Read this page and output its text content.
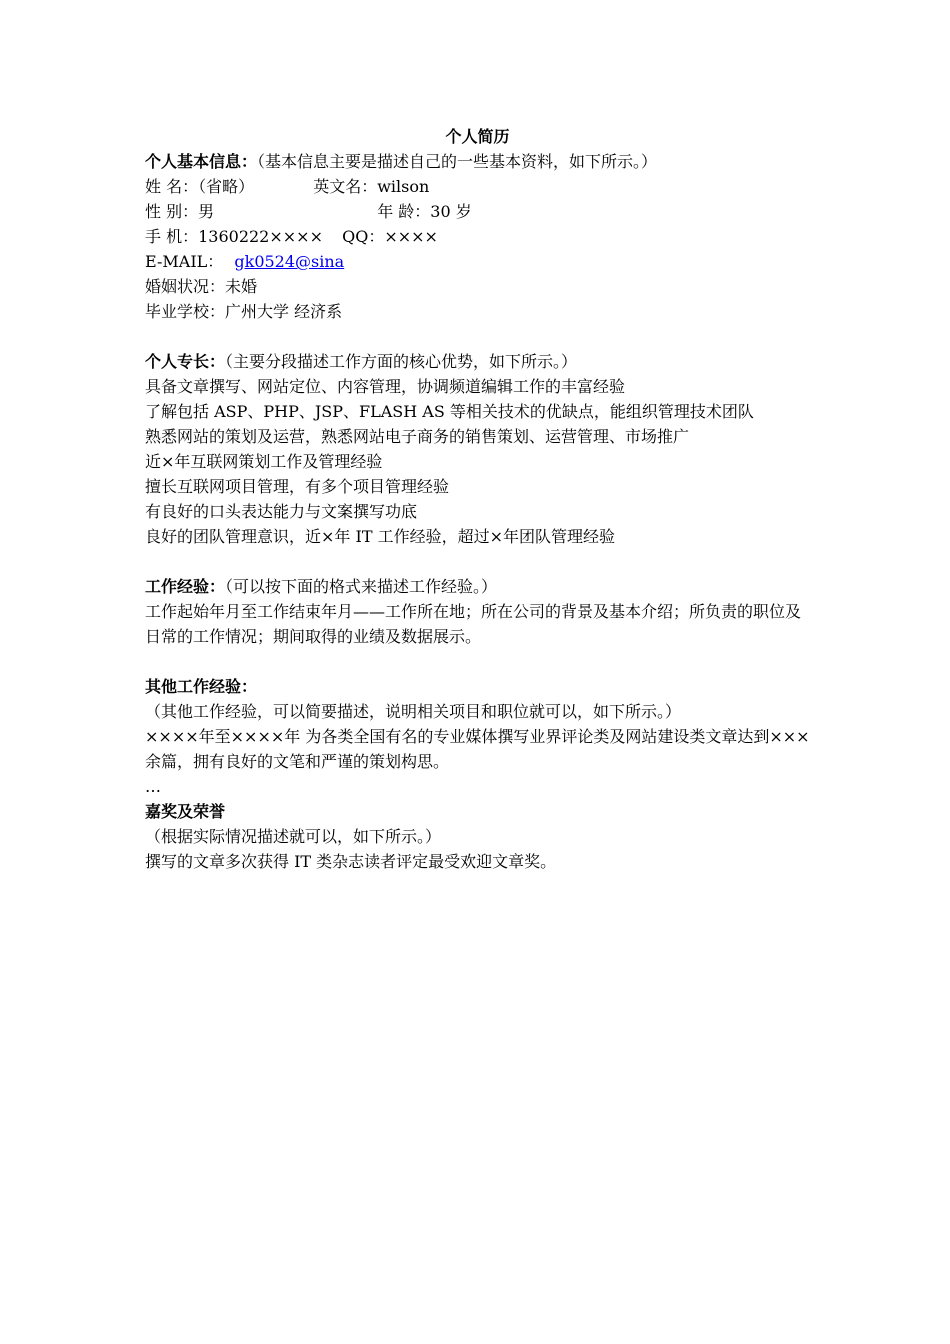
个人简历
个人基本信息：（基本信息主要是描述自己的一些基本资料，如下所示。）
姓 名：（省略）	英文名：wilson
性 别：男	年 龄：30 岁
手 机：1360222×××× QQ：××××
E-MAIL： gk0524@sina
婚姻状况：未婚
毕业学校：广州大学 经济系
个人专长：（主要分段描述工作方面的核心优势，如下所示。）
具备文章撰写、网站定位、内容管理，协调频道编辑工作的丰富经验
了解包括 ASP、PHP、JSP、FLASH AS 等相关技术的优缺点，能组织管理技术团队
熟悉网站的策划及运营，熟悉网站电子商务的销售策划、运营管理、市场推广
近×年互联网策划工作及管理经验
擅长互联网项目管理，有多个项目管理经验
有良好的口头表达能力与文案撰写功底
良好的团队管理意识，近×年 IT 工作经验，超过×年团队管理经验
工作经验：（可以按下面的格式来描述工作经验。）
工作起始年月至工作结束年月——工作所在地；所在公司的背景及基本介绍；所负责的职位及日常的工作情况；期间取得的业绩及数据展示。
其他工作经验：
（其他工作经验，可以简要描述，说明相关项目和职位就可以，如下所示。）
××××年至××××年 为各类全国有名的专业媒体撰写业界评论类及网站建设类文章达到×××余篇，拥有良好的文笔和严谨的策划构思。
…
嘉奖及荣誉
（根据实际情况描述就可以，如下所示。）
撰写的文章多次获得 IT 类杂志读者评定最受欢迎文章奖。
